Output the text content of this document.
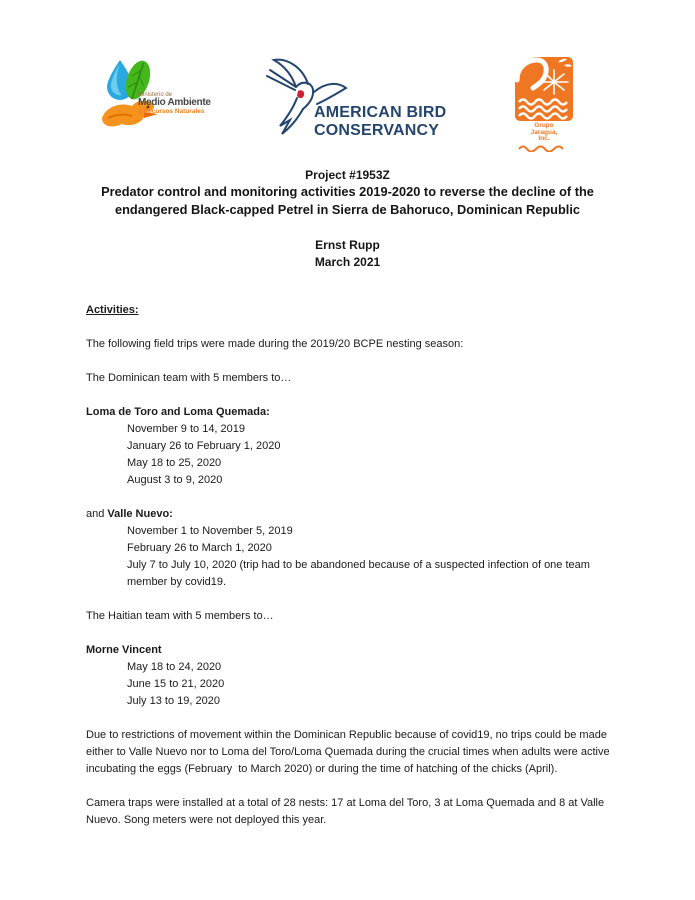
Ministerio de
Medio Ambiente
y Recursos Naturales	AMERICAN BIRD
CONSERVANCY	Grupo
Jaragua,
Inc.
Project #1953Z
Predator control and monitoring activities 2019-2020 to reverse the decline of the
endangered Black-capped Petrel in Sierra de Bahoruco, Dominican Republic
Ernst Rupp
March 2021
Activities:
The following field trips were made during the 2019/20 BCPE nesting season:
The Dominican team with 5 members to…
Loma de Toro and Loma Quemada:
November 9 to 14, 2019
January 26 to February 1, 2020
May 18 to 25, 2020
August 3 to 9, 2020
and Valle Nuevo:
November 1 to November 5, 2019
February 26 to March 1, 2020
July 7 to July 10, 2020 (trip had to be abandoned because of a suspected infection of one team member by covid19.
The Haitian team with 5 members to…
Morne Vincent
May 18 to 24, 2020
June 15 to 21, 2020
July 13 to 19, 2020
Due to restrictions of movement within the Dominican Republic because of covid19, no trips could be made either to Valle Nuevo nor to Loma del Toro/Loma Quemada during the crucial times when adults were active incubating the eggs (February  to March 2020) or during the time of hatching of the chicks (April).
Camera traps were installed at a total of 28 nests: 17 at Loma del Toro, 3 at Loma Quemada and 8 at Valle Nuevo. Song meters were not deployed this year.
